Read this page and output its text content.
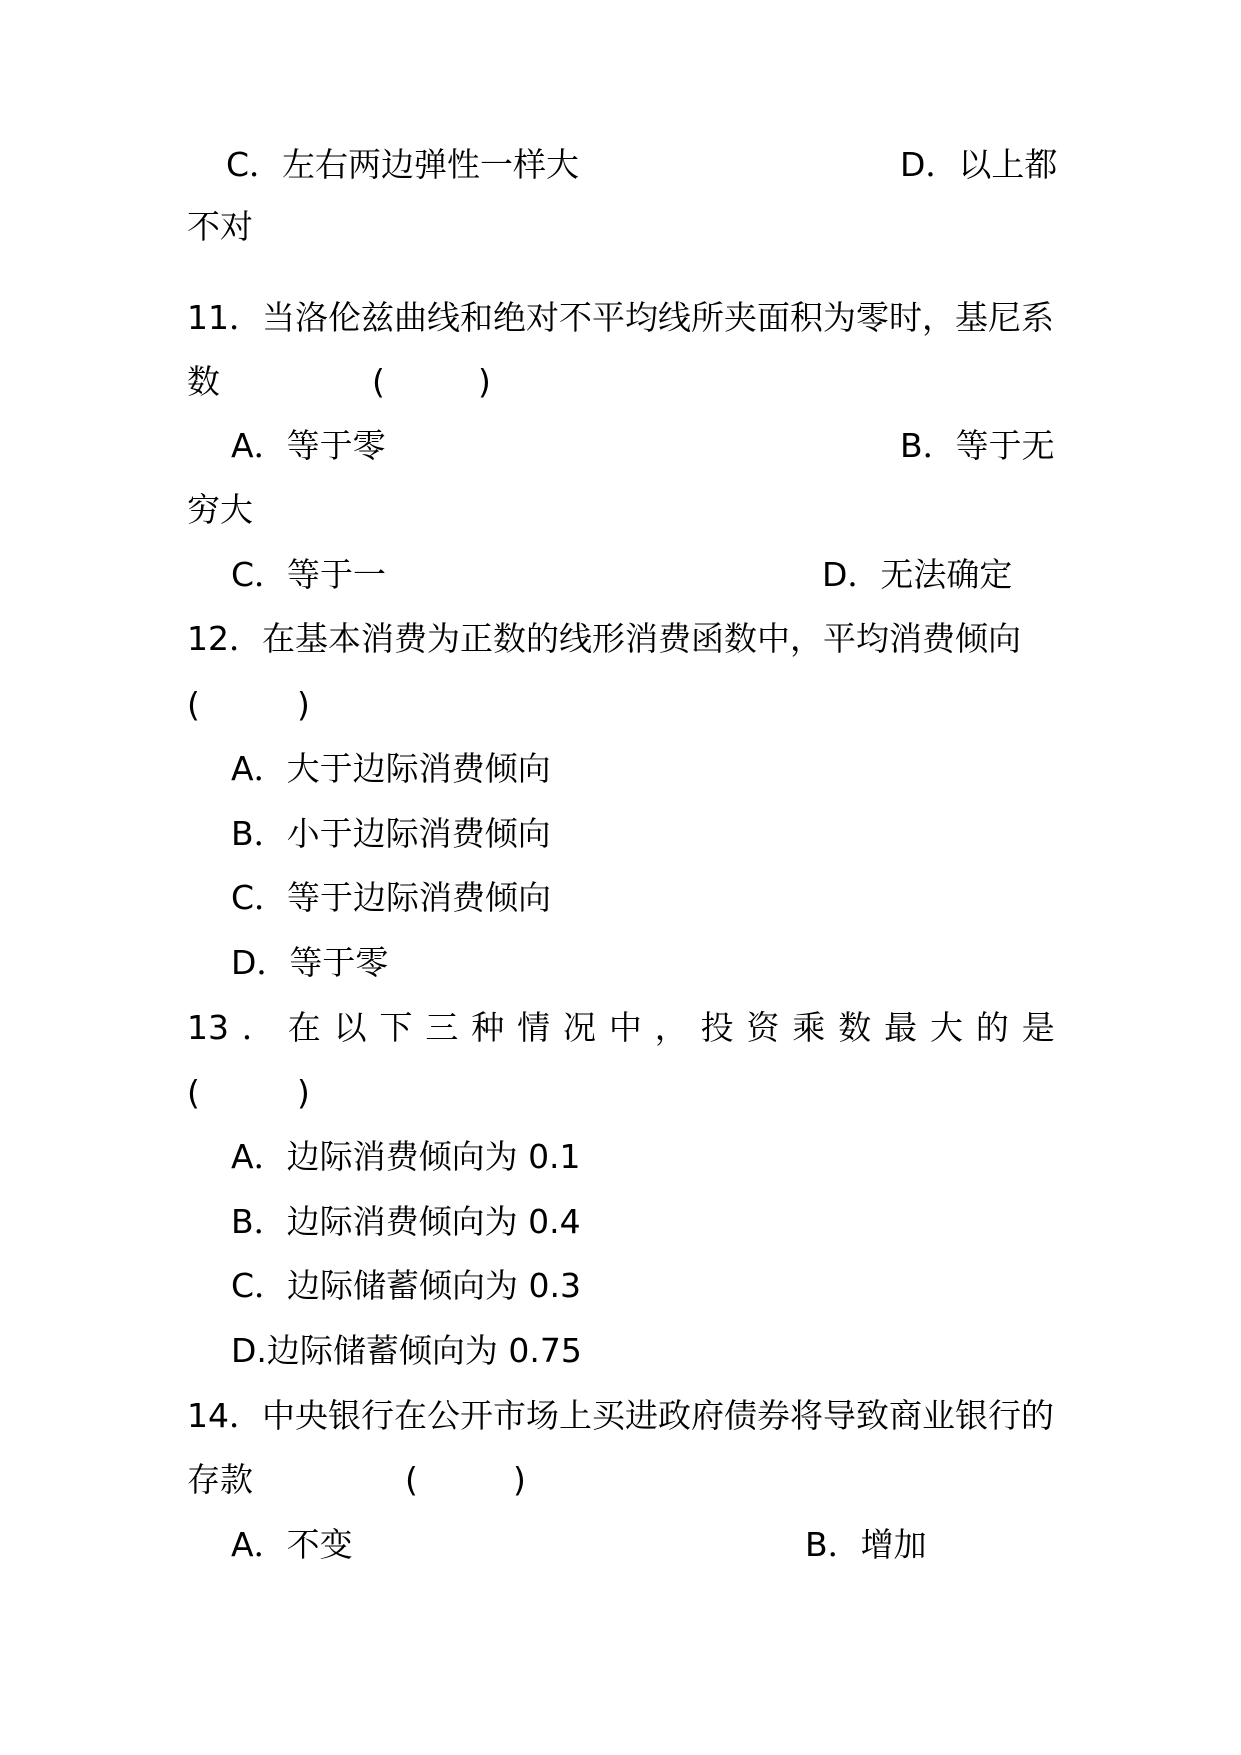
C．左右两边弹性一样大	D．以上都
不对
11．当洛伦兹曲线和绝对不平均线所夹面积为零时，基尼系
数	(	)
A．等于零	B．等于无
穷大
C．等于一	D．无法确定
12．在基本消费为正数的线形消费函数中，平均消费倾向
(	)
A．大于边际消费倾向
B．小于边际消费倾向
C．等于边际消费倾向
D．等于零
13 ． 在 以 下 三 种 情 况 中 ， 投 资 乘 数 最 大 的 是
(	)
A．边际消费倾向为 0.1
B．边际消费倾向为 0.4
C．边际储蓄倾向为 0.3
D.边际储蓄倾向为 0.75
14．中央银行在公开市场上买进政府债券将导致商业银行的
存款	(	)
A．不变	B．增加
